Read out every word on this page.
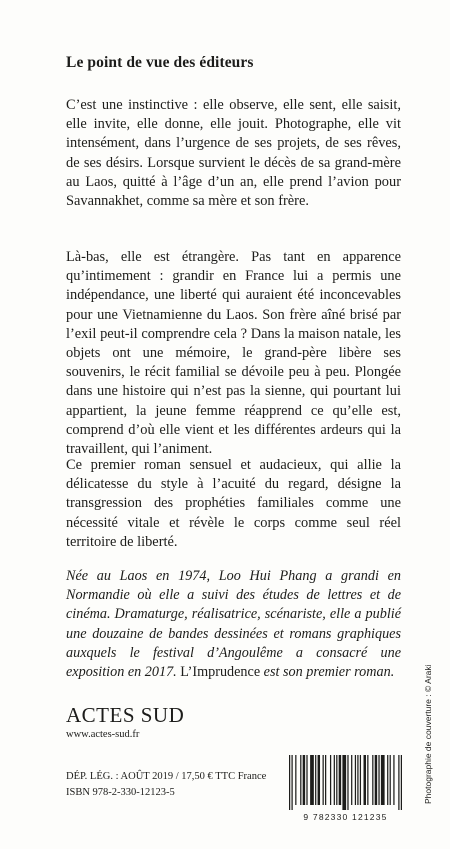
Le point de vue des éditeurs

C’est une instinctive : elle observe, elle sent, elle saisit, elle invite, elle donne, elle jouit. Photographe, elle vit intensément, dans l’urgence de ses projets, de ses rêves, de ses désirs. Lorsque survient le décès de sa grand-mère au Laos, quitté à l’âge d’un an, elle prend l’avion pour Savannakhet, comme sa mère et son frère.

Là-bas, elle est étrangère. Pas tant en apparence qu’intimement : grandir en France lui a permis une indépendance, une liberté qui auraient été inconcevables pour une Vietnamienne du Laos. Son frère aîné brisé par l’exil peut-il comprendre cela ? Dans la maison natale, les objets ont une mémoire, le grand-père libère ses souvenirs, le récit familial se dévoile peu à peu. Plongée dans une histoire qui n’est pas la sienne, qui pourtant lui appartient, la jeune femme réapprend ce qu’elle est, comprend d’où elle vient et les différentes ardeurs qui la travaillent, qui l’animent.

Ce premier roman sensuel et audacieux, qui allie la délicatesse du style à l’acuité du regard, désigne la transgression des prophéties familiales comme une nécessité vitale et révèle le corps comme seul réel territoire de liberté.

Née au Laos en 1974, Loo Hui Phang a grandi en Normandie où elle a suivi des études de lettres et de cinéma. Dramaturge, réalisatrice, scénariste, elle a publié une douzaine de bandes dessinées et romans graphiques auxquels le festival d’Angoulême a consacré une exposition en 2017. L’Imprudence est son premier roman.
ACTES SUD
www.actes-sud.fr
DÉP. LÉG. : AOÛT 2019 / 17,50 € TTC France
ISBN 978-2-330-12123-5
9 782330 121235
Photographie de couverture : © Araki
